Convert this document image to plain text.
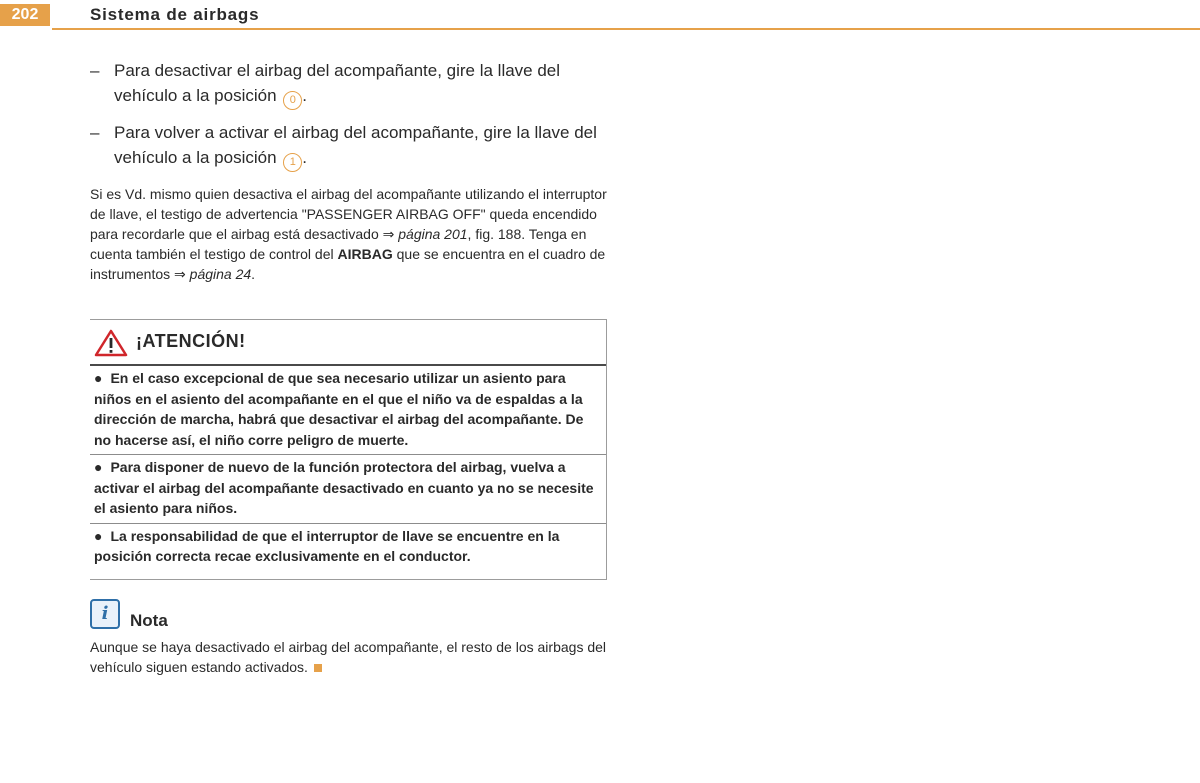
202	Sistema de airbags
– Para desactivar el airbag del acompañante, gire la llave del vehículo a la posición 0 .
– Para volver a activar el airbag del acompañante, gire la llave del vehículo a la posición 1 .
Si es Vd. mismo quien desactiva el airbag del acompañante utilizando el interruptor de llave, el testigo de advertencia "PASSENGER AIRBAG OFF" queda encendido para recordarle que el airbag está desactivado ⇒ página 201, fig. 188. Tenga en cuenta también el testigo de control del AIRBAG que se encuentra en el cuadro de instrumentos ⇒ página 24.
¡ATENCIÓN!
● En el caso excepcional de que sea necesario utilizar un asiento para niños en el asiento del acompañante en el que el niño va de espaldas a la dirección de marcha, habrá que desactivar el airbag del acompañante. De no hacerse así, el niño corre peligro de muerte.
● Para disponer de nuevo de la función protectora del airbag, vuelva a activar el airbag del acompañante desactivado en cuanto ya no se necesite el asiento para niños.
● La responsabilidad de que el interruptor de llave se encuentre en la posición correcta recae exclusivamente en el conductor.
i	Nota
Aunque se haya desactivado el airbag del acompañante, el resto de los airbags del vehículo siguen estando activados.
